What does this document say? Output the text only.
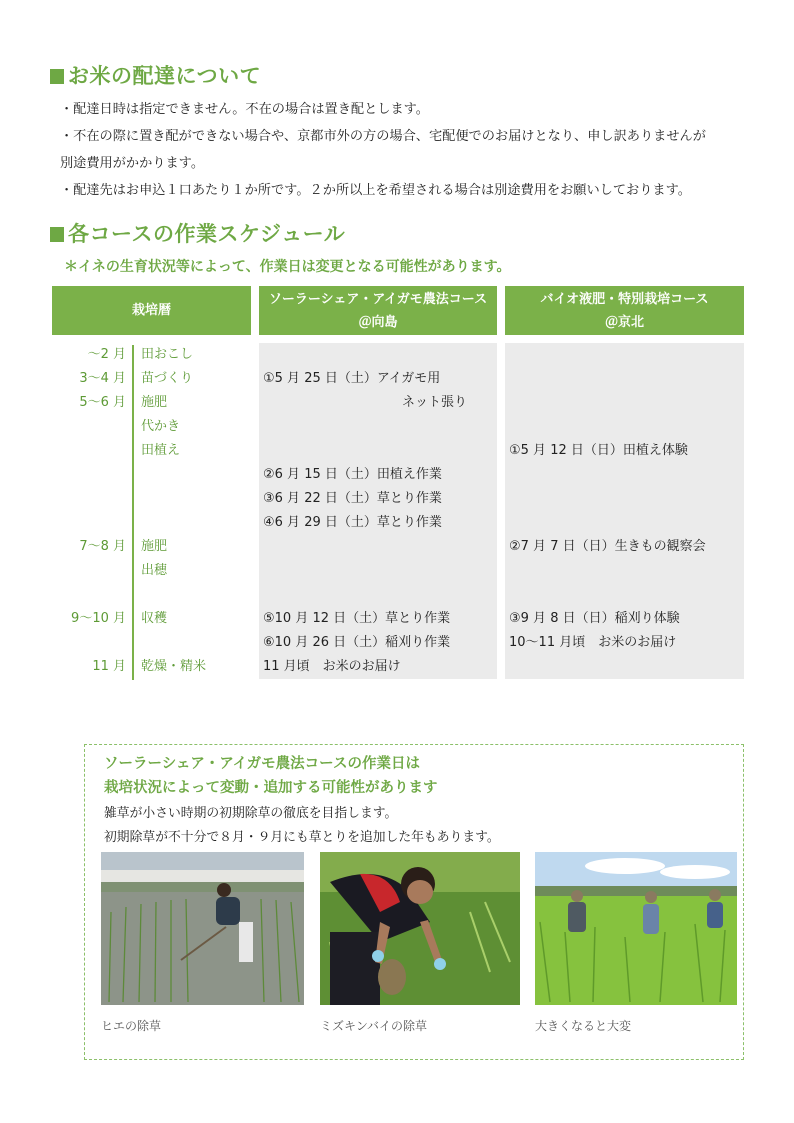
お米の配達について

・配達日時は指定できません。不在の場合は置き配とします。

・不在の際に置き配ができない場合や、京都市外の方の場合、宅配便でのお届けとなり、申し訳ありませんが

別途費用がかかります。

・配達先はお申込１口あたり１か所です。２か所以上を希望される場合は別途費用をお願いしております。

各コースの作業スケジュール
＊イネの生育状況等によって、作業日は変更となる可能性があります。
栽培暦
ソーラーシェア・アイガモ農法コース
＠向島
バイオ液肥・特別栽培コース
＠京北
～2 月
3～4 月
5～6 月
7～8 月
9～10 月
11 月
田おこし
苗づくり
施肥
代かき
田植え
施肥
出穂
収穫
乾燥・精米
①5 月 25 日（土）アイガモ用
ネット張り
②6 月 15 日（土）田植え作業
③6 月 22 日（土）草とり作業
④6 月 29 日（土）草とり作業
⑤10 月 12 日（土）草とり作業
⑥10 月 26 日（土）稲刈り作業
11 月頃　お米のお届け
①5 月 12 日（日）田植え体験
②7 月 7 日（日）生きもの観察会
③9 月 8 日（日）稲刈り体験
10～11 月頃　お米のお届け
ソーラーシェア・アイガモ農法コースの作業日は
栽培状況によって変動・追加する可能性があります
雑草が小さい時期の初期除草の徹底を目指します。
初期除草が不十分で８月・９月にも草とりを追加した年もあります。
ヒエの除草	ミズキンバイの除草	大きくなると大変
